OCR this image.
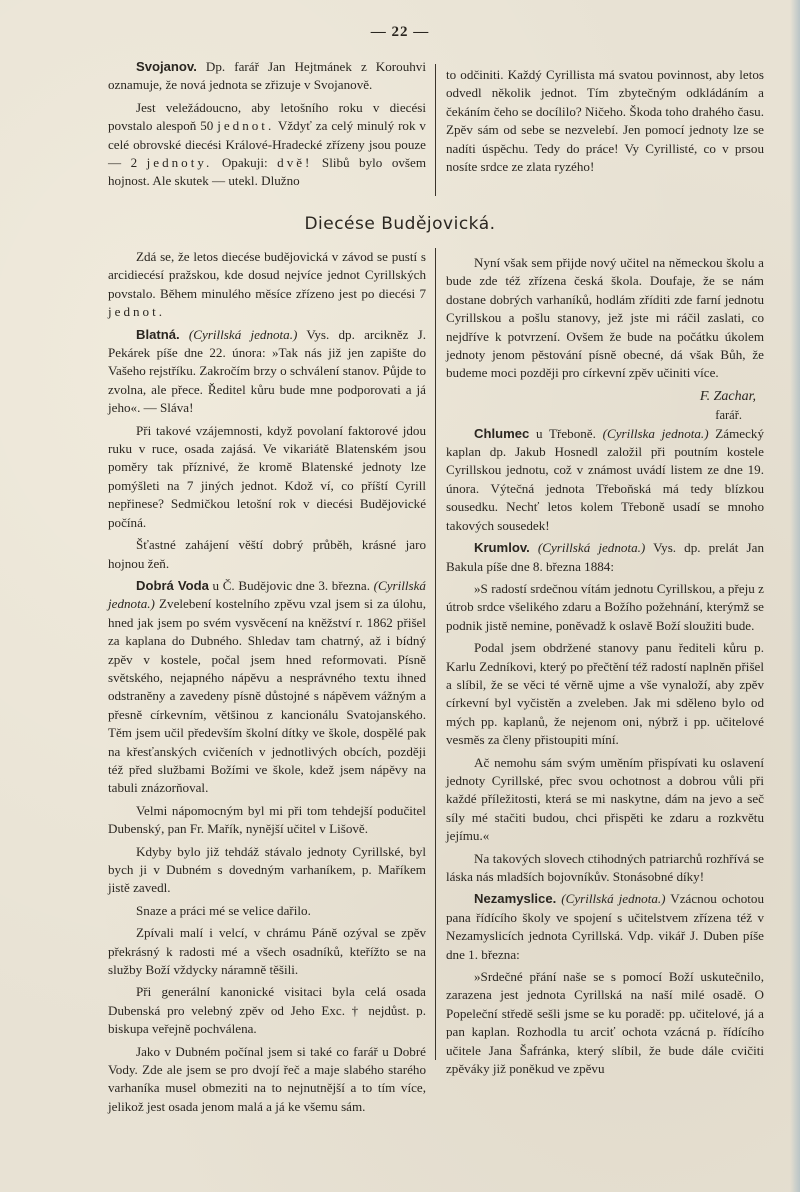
— 22 —

Svojanov. Dp. farář Jan Hejtmánek z Korouhvi oznamuje, že nová jednota se zřizuje v Svojanově.

Jest veležádoucno, aby letošního roku v diecési povstalo alespoň 50 jednot. Vždyť za celý minulý rok v celé obrovské diecési Králové-Hradecké zřízeny jsou pouze — 2 jednoty. Opakuji: dvě! Slibů bylo ovšem hojnost. Ale skutek — utekl. Dlužno

to odčiniti. Každý Cyrillista má svatou povinnost, aby letos odvedl několik jednot. Tím zbytečným odkládáním a čekáním čeho se docílilo? Ničeho. Škoda toho drahého času. Zpěv sám od sebe se nezvelebí. Jen pomocí jednoty lze se nadíti úspěchu. Tedy do práce! Vy Cyrillisté, co v prsou nosíte srdce ze zlata ryzého!

Diecése Budějovická.

Zdá se, že letos diecése budějovická v závod se pustí s arcidiecésí pražskou, kde dosud nejvíce jednot Cyrillských povstalo. Během minulého měsíce zřízeno jest po diecési 7 jednot.

Blatná. (Cyrillská jednota.) Vys. dp. arcikněz J. Pekárek píše dne 22. února: »Tak nás již jen zapište do Vašeho rejstříku. Zakročím brzy o schválení stanov. Půjde to zvolna, ale přece. Ředitel kůru bude mne podporovati a já jeho«. — Sláva!

Při takové vzájemnosti, když povolaní faktorové jdou ruku v ruce, osada zajásá. Ve vikariátě Blatenském jsou poměry tak příznivé, že kromě Blatenské jednoty lze pomýšleti na 7 jiných jednot. Kdož ví, co příští Cyrill nepřinese? Sedmičkou letošní rok v diecési Budějovické počíná.

Šťastné zahájení věští dobrý průběh, krásné jaro hojnou žeň.

Dobrá Voda u Č. Budějovic dne 3. března. (Cyrillská jednota.) Zvelebení kostelního zpěvu vzal jsem si za úlohu, hned jak jsem po svém vysvěcení na kněžství r. 1862 přišel za kaplana do Dubného. Shledav tam chatrný, až i bídný zpěv v kostele, počal jsem hned reformovati. Písně světského, nejapného nápěvu a nesprávného textu ihned odstraněny a zavedeny písně důstojné s nápěvem vážným a přesně církevním, většinou z kancionálu Svatojanského. Těm jsem učil především školní dítky ve škole, dospělé pak na křesťanských cvičeních v jednotlivých obcích, později též před službami Božími ve škole, kdež jsem nápěvy na tabuli znázorňoval.

Velmi nápomocným byl mi při tom tehdejší podučitel Dubenský, pan Fr. Mařík, nynější učitel v Lišově.

Kdyby bylo již tehdáž stávalo jednoty Cyrillské, byl bych ji v Dubném s dovedným varhaníkem, p. Maříkem jistě zavedl.

Snaze a práci mé se velice dařilo.

Zpívali malí i velcí, v chrámu Páně ozýval se zpěv překrásný k radosti mé a všech osadníků, kteřížto se na služby Boží vždycky náramně těšili.

Při generální kanonické visitaci byla celá osada Dubenská pro velebný zpěv od Jeho Exc. † nejdůst. p. biskupa veřejně pochválena.

Jako v Dubném počínal jsem si také co farář u Dobré Vody. Zde ale jsem se pro dvojí řeč a maje slabého starého varhaníka musel obmeziti na to nejnutnější a to tím více, jelikož jest osada jenom malá a já ke všemu sám.

Nyní však sem přijde nový učitel na německou školu a bude zde též zřízena česká škola. Doufaje, že se nám dostane dobrých varhaníků, hodlám zříditi zde farní jednotu Cyrillskou a pošlu stanovy, jež jste mi ráčil zaslati, co nejdříve k potvrzení. Ovšem že bude na počátku úkolem jednoty jenom pěstování písně obecné, dá však Bůh, že budeme moci později pro církevní zpěv učiniti více.

F. Zachar,
farář.

Chlumec u Třeboně. (Cyrillska jednota.) Zámecký kaplan dp. Jakub Hosnedl založil při poutním kostele Cyrillskou jednotu, což v známost uvádí listem ze dne 19. února. Výtečná jednota Třeboňská má tedy blízkou sousedku. Nechť letos kolem Třeboně usadí se mnoho takových sousedek!

Krumlov. (Cyrillská jednota.) Vys. dp. prelát Jan Bakula píše dne 8. března 1884:

»S radostí srdečnou vítám jednotu Cyrillskou, a přeju z útrob srdce všelikého zdaru a Božího požehnání, kterýmž se podnik jistě nemine, poněvadž k oslavě Boží sloužiti bude.

Podal jsem obdržené stanovy panu řediteli kůru p. Karlu Zedníkovi, který po přečtění též radostí naplněn přišel a slíbil, že se věci té věrně ujme a vše vynaloží, aby zpěv církevní byl vyčistěn a zveleben. Jak mi sděleno bylo od mých pp. kaplanů, že nejenom oni, nýbrž i pp. učitelové vesměs za členy přistoupiti míní.

Ač nemohu sám svým uměním přispívati ku oslavení jednoty Cyrillské, přec svou ochotnost a dobrou vůli při každé příležitosti, která se mi naskytne, dám na jevo a seč síly mé stačiti budou, chci přispěti ke zdaru a rozkvětu jejímu.«

Na takových slovech ctihodných patriarchů rozhřívá se láska nás mladších bojovníkův. Stonásobné díky!

Nezamyslice. (Cyrillská jednota.) Vzácnou ochotou pana řídícího školy ve spojení s učitelstvem zřízena též v Nezamyslicích jednota Cyrillská. Vdp. vikář J. Duben píše dne 1. března:

»Srdečné přání naše se s pomocí Boží uskutečnilo, zarazena jest jednota Cyrillská na naší milé osadě. O Popeleční středě sešli jsme se ku poradě: pp. učitelové, já a pan kaplan. Rozhodla tu arciť ochota vzácná p. řídícího učitele Jana Šafránka, který slíbil, že bude dále cvičiti zpěváky již poněkud ve zpěvu
